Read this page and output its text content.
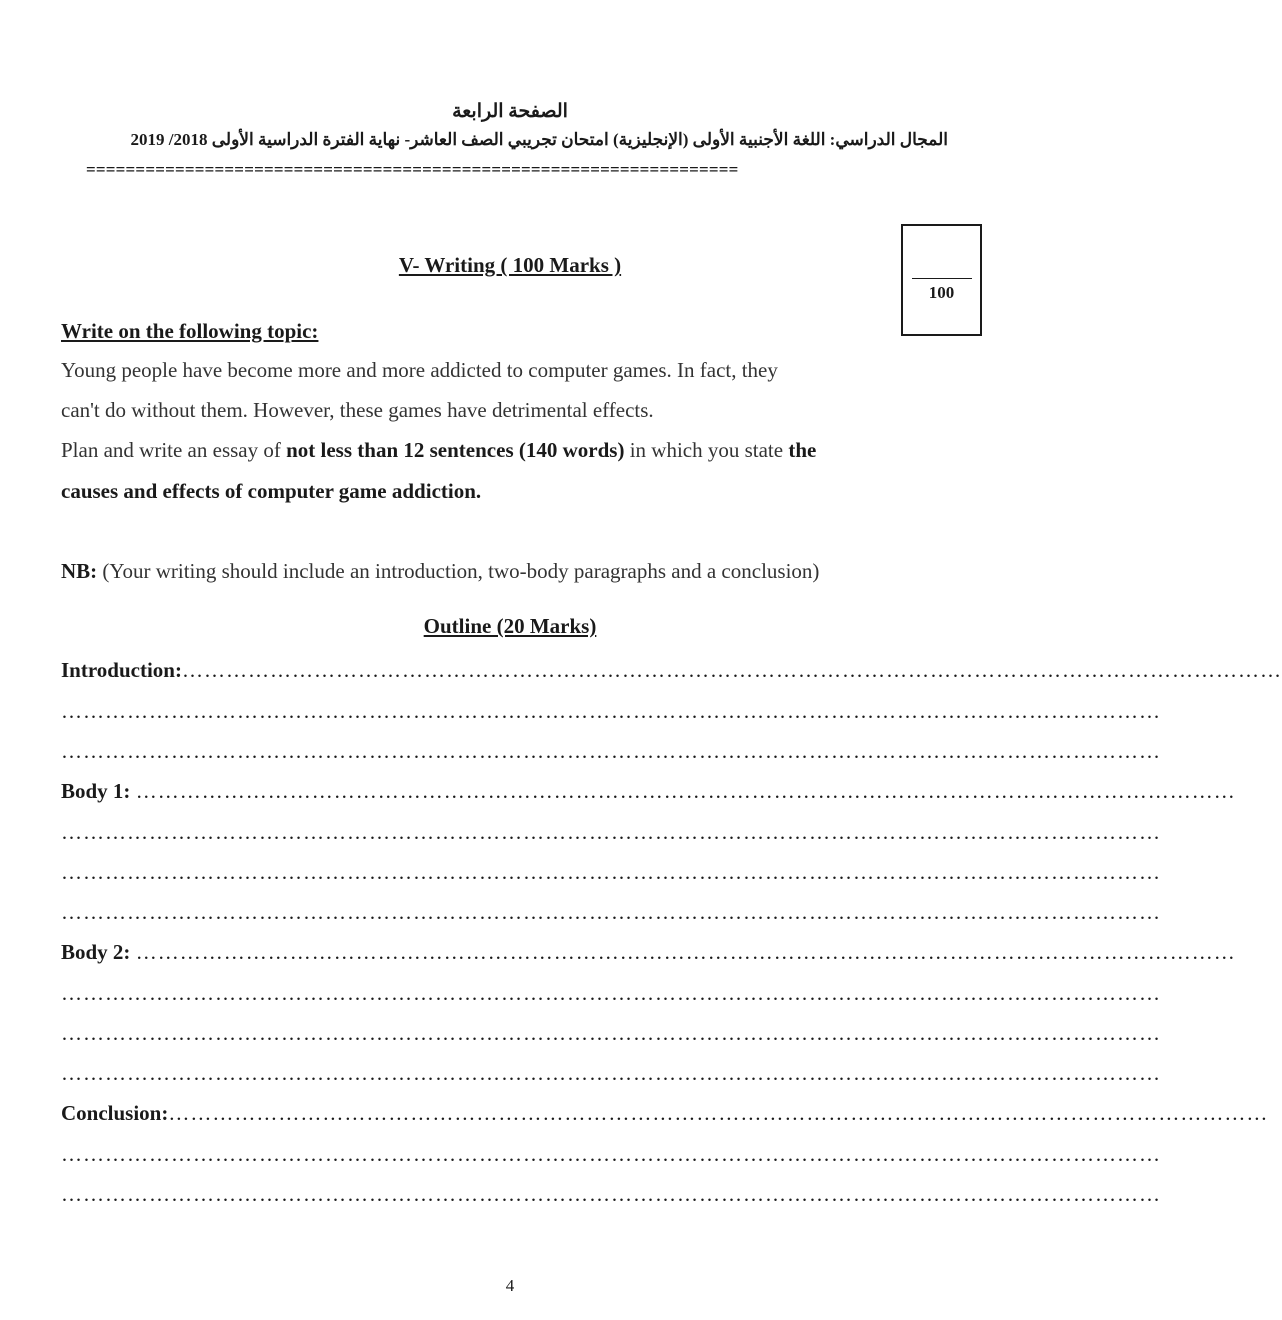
الصفحة الرابعة
المجال الدراسي: اللغة الأجنبية الأولى (الإنجليزية) امتحان تجريبي الصف العاشر- نهاية الفترة الدراسية الأولى 2018/ 2019
==================================================================
V- Writing ( 100 Marks )
100
Write on the following topic:
Young people have become more and more addicted to computer games. In fact, they
can't do without them. However, these games have detrimental effects.
Plan and write an essay of not less than 12 sentences (140 words) in which you state the
causes and effects of computer game addiction.
NB: (Your writing should include an introduction, two-body paragraphs and a conclusion)
Outline (20 Marks)
Introduction:……………………………………………………………………………………………………………………………………
……………………………………………………………………………………………………………………………………
……………………………………………………………………………………………………………………………………
Body 1: ……………………………………………………………………………………………………………………………………
……………………………………………………………………………………………………………………………………
……………………………………………………………………………………………………………………………………
……………………………………………………………………………………………………………………………………
Body 2: ……………………………………………………………………………………………………………………………………
……………………………………………………………………………………………………………………………………
……………………………………………………………………………………………………………………………………
……………………………………………………………………………………………………………………………………
Conclusion:……………………………………………………………………………………………………………………………………
……………………………………………………………………………………………………………………………………
……………………………………………………………………………………………………………………………………
4
